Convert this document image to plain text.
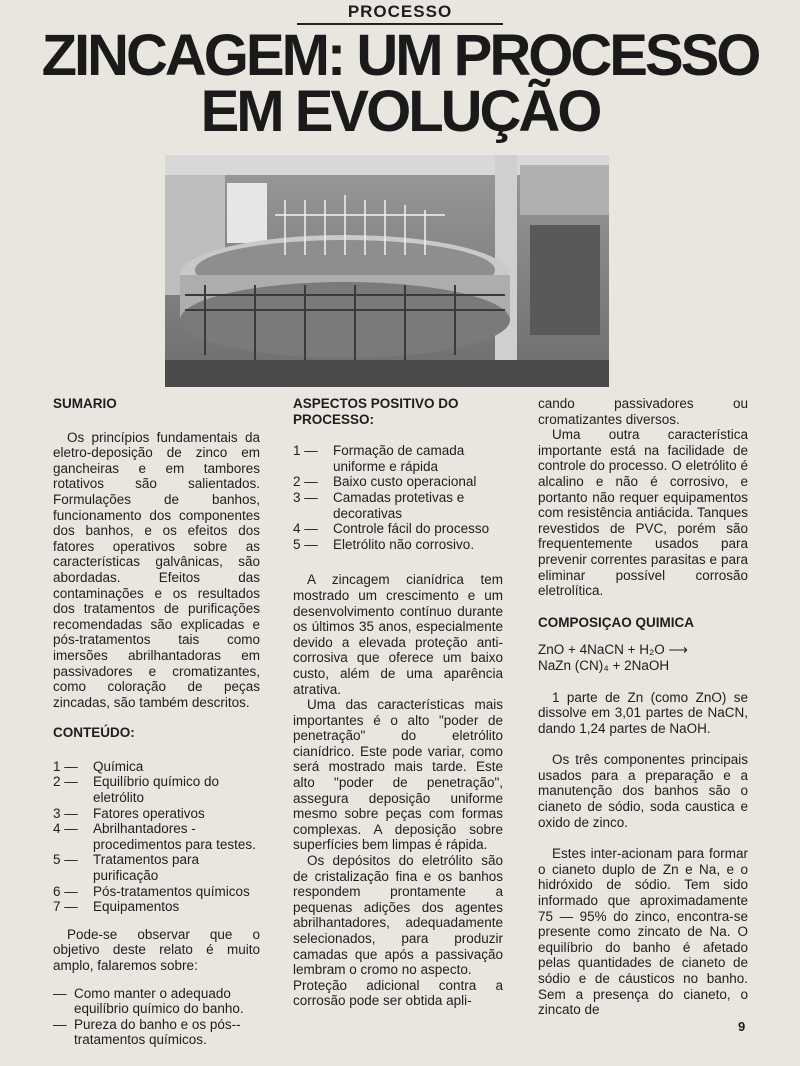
PROCESSO
ZINCAGEM: UM PROCESSO
EM EVOLUÇÃO
SUMARIO

Os princípios fundamentais da eletro-deposição de zinco em gancheiras e em tambores rotativos são salientados. Formulações de banhos, funcionamento dos componentes dos banhos, e os efeitos dos fatores operativos sobre as características galvânicas, são abordadas. Efeitos das contaminações e os resultados dos tratamentos de purificações recomendadas são explicadas e pós-tratamentos tais como imersões abrilhantadoras em passivadores e cromatizantes, como coloração de peças zincadas, são também descritos.

CONTEÚDO:
1 —	Química
2 —	Equilíbrio químico do eletrólito
3 —	Fatores operativos
4 —	Abrilhantadores - procedimentos para testes.
5 —	Tratamentos para purificação
6 —	Pós-tratamentos químicos
7 —	Equipamentos

Pode-se observar que o objetivo deste relato é muito amplo, falaremos sobre:

— Como manter o adequado equilíbrio químico do banho.
— Pureza do banho e os pós--tratamentos químicos.
ASPECTOS POSITIVO DO PROCESSO:
1 —	Formação de camada uniforme e rápida
2 —	Baixo custo operacional
3 —	Camadas protetivas e decorativas
4 —	Controle fácil do processo
5 —	Eletrólito não corrosivo.

A zincagem cianídrica tem mostrado um crescimento e um desenvolvimento contínuo durante os últimos 35 anos, especialmente devido a elevada proteção anti-corrosiva que oferece um baixo custo, além de uma aparência atrativa.

Uma das características mais importantes é o alto "poder de penetração" do eletrólito cianídrico. Este pode variar, como será mostrado mais tarde. Este alto "poder de penetração", assegura deposição uniforme mesmo sobre peças com formas complexas. A deposição sobre superfícies bem limpas é rápida.

Os depósitos do eletrólito são de cristalização fina e os banhos respondem prontamente a pequenas adições dos agentes abrilhantadores, adequadamente selecionados, para produzir camadas que após a passivação lembram o cromo no aspecto.

Proteção adicional contra a corrosão pode ser obtida apli-

cando passivadores ou cromatizantes diversos.

Uma outra característica importante está na facilidade de controle do processo. O eletrólito é alcalino e não é corrosivo, e portanto não requer equipamentos com resistência antiácida. Tanques revestidos de PVC, porém são frequentemente usados para prevenir correntes parasitas e para eliminar possível corrosão eletrolítica.

COMPOSIÇAO QUIMICA
ZnO + 4NaCN + H₂O ⟶
NaZn (CN)₄ + 2NaOH

1 parte de Zn (como ZnO) se dissolve em 3,01 partes de NaCN, dando 1,24 partes de NaOH.

Os três componentes principais usados para a preparação e a manutenção dos banhos são o cianeto de sódio, soda caustica e oxido de zinco.

Estes inter-acionam para formar o cianeto duplo de Zn e Na, e o hidróxido de sódio. Tem sido informado que aproximadamente 75 — 95% do zinco, encontra-se presente como zincato de Na. O equilíbrio do banho é afetado pelas quantidades de cianeto de sódio e de cáusticos no banho. Sem a presença do cianeto, o zincato de

9
